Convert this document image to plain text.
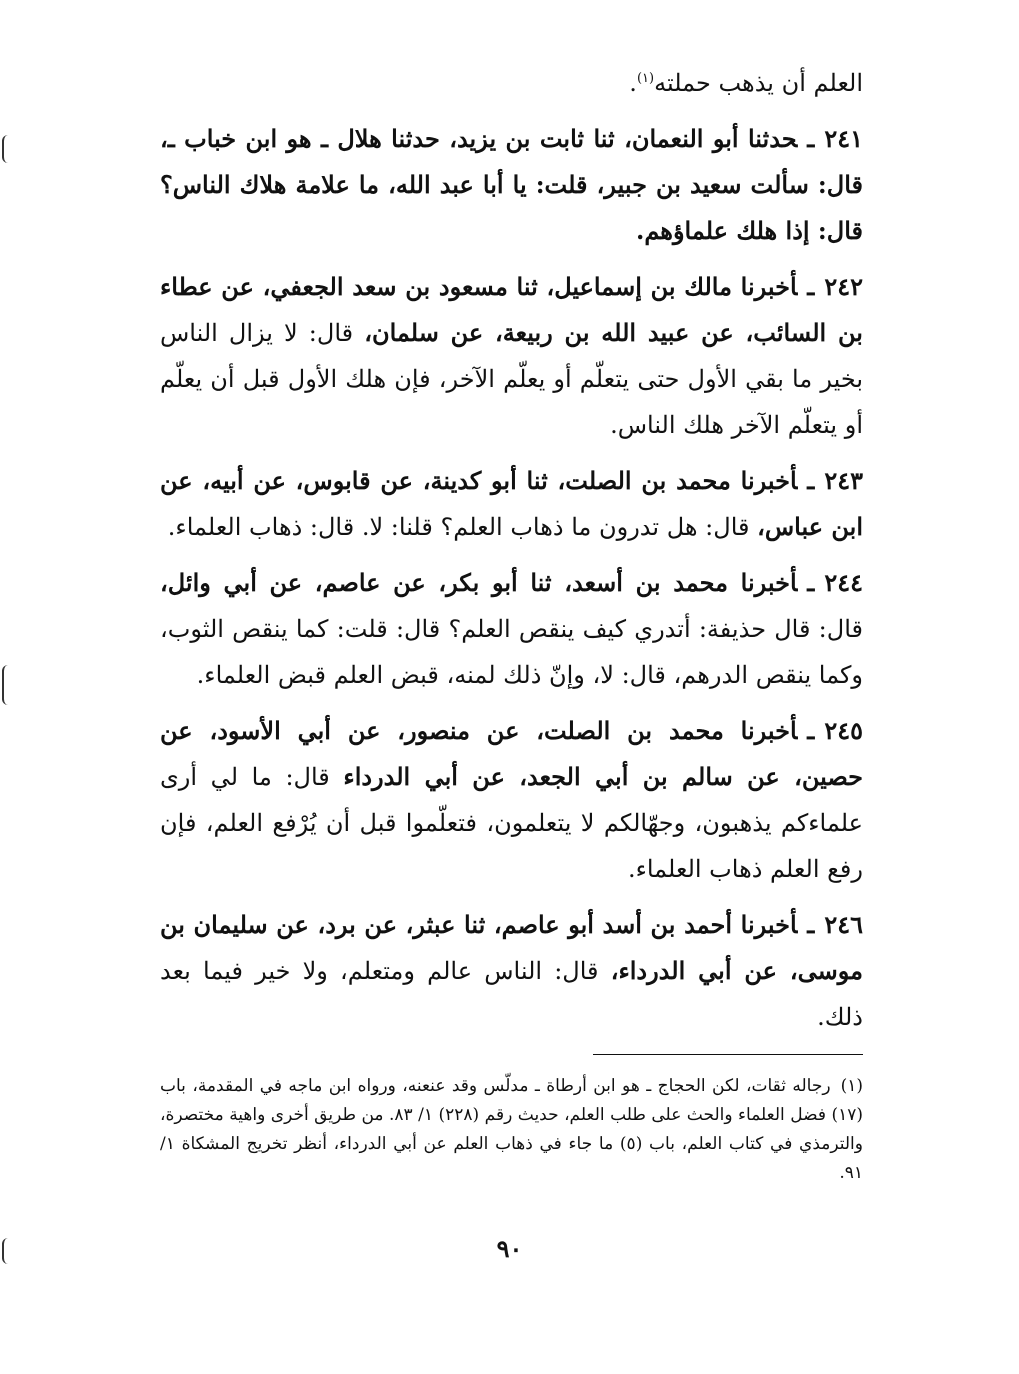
العلم أن يذهب حملته$^{(١)}$.

٢٤١ـحدثنا أبو النعمان، ثنا ثابت بن يزيد، حدثنا هلال ـ هو ابن خباب ـ، قال: سألت سعيد بن جبير، قلت: يا أبا عبد الله، ما علامة هلاك الناس؟ قال: إذا هلك علماؤهم.

٢٤٢ـأخبرنا مالك بن إسماعيل، ثنا مسعود بن سعد الجعفي، عن عطاء بن السائب، عن عبيد الله بن ربيعة، عن سلمان، قال: لا يزال الناس بخير ما بقي الأول حتى يتعلّم أو يعلّم الآخر، فإن هلك الأول قبل أن يعلّم أو يتعلّم الآخر هلك الناس.

٢٤٣ـأخبرنا محمد بن الصلت، ثنا أبو كدينة، عن قابوس، عن أبيه، عن ابن عباس، قال: هل تدرون ما ذهاب العلم؟ قلنا: لا. قال: ذهاب العلماء.

٢٤٤ـأخبرنا محمد بن أسعد، ثنا أبو بكر، عن عاصم، عن أبي وائل، قال: قال حذيفة: أتدري كيف ينقص العلم؟ قال: قلت: كما ينقص الثوب، وكما ينقص الدرهم، قال: لا، وإنّ ذلك لمنه، قبض العلم قبض العلماء.

٢٤٥ـأخبرنا محمد بن الصلت، عن منصور، عن أبي الأسود، عن حصين، عن سالم بن أبي الجعد، عن أبي الدرداء قال: ما لي أرى علماءكم يذهبون، وجهّالكم لا يتعلمون، فتعلّموا قبل أن يُرْفع العلم، فإن رفع العلم ذهاب العلماء.

٢٤٦ـأخبرنا أحمد بن أسد أبو عاصم، ثنا عبثر، عن برد، عن سليمان بن موسى، عن أبي الدرداء، قال: الناس عالم ومتعلم، ولا خير فيما بعد ذلك.

(١)رجاله ثقات، لكن الحجاج ـ هو ابن أرطاة ـ مدلّس وقد عنعنه، ورواه ابن ماجه في المقدمة، باب (١٧) فضل العلماء والحث على طلب العلم، حديث رقم (٢٢٨) ١/ ٨٣. من طريق أخرى واهية مختصرة، والترمذي في كتاب العلم، باب (٥) ما جاء في ذهاب العلم عن أبي الدرداء، أنظر تخريج المشكاة ١/ ٩١.

٩٠
